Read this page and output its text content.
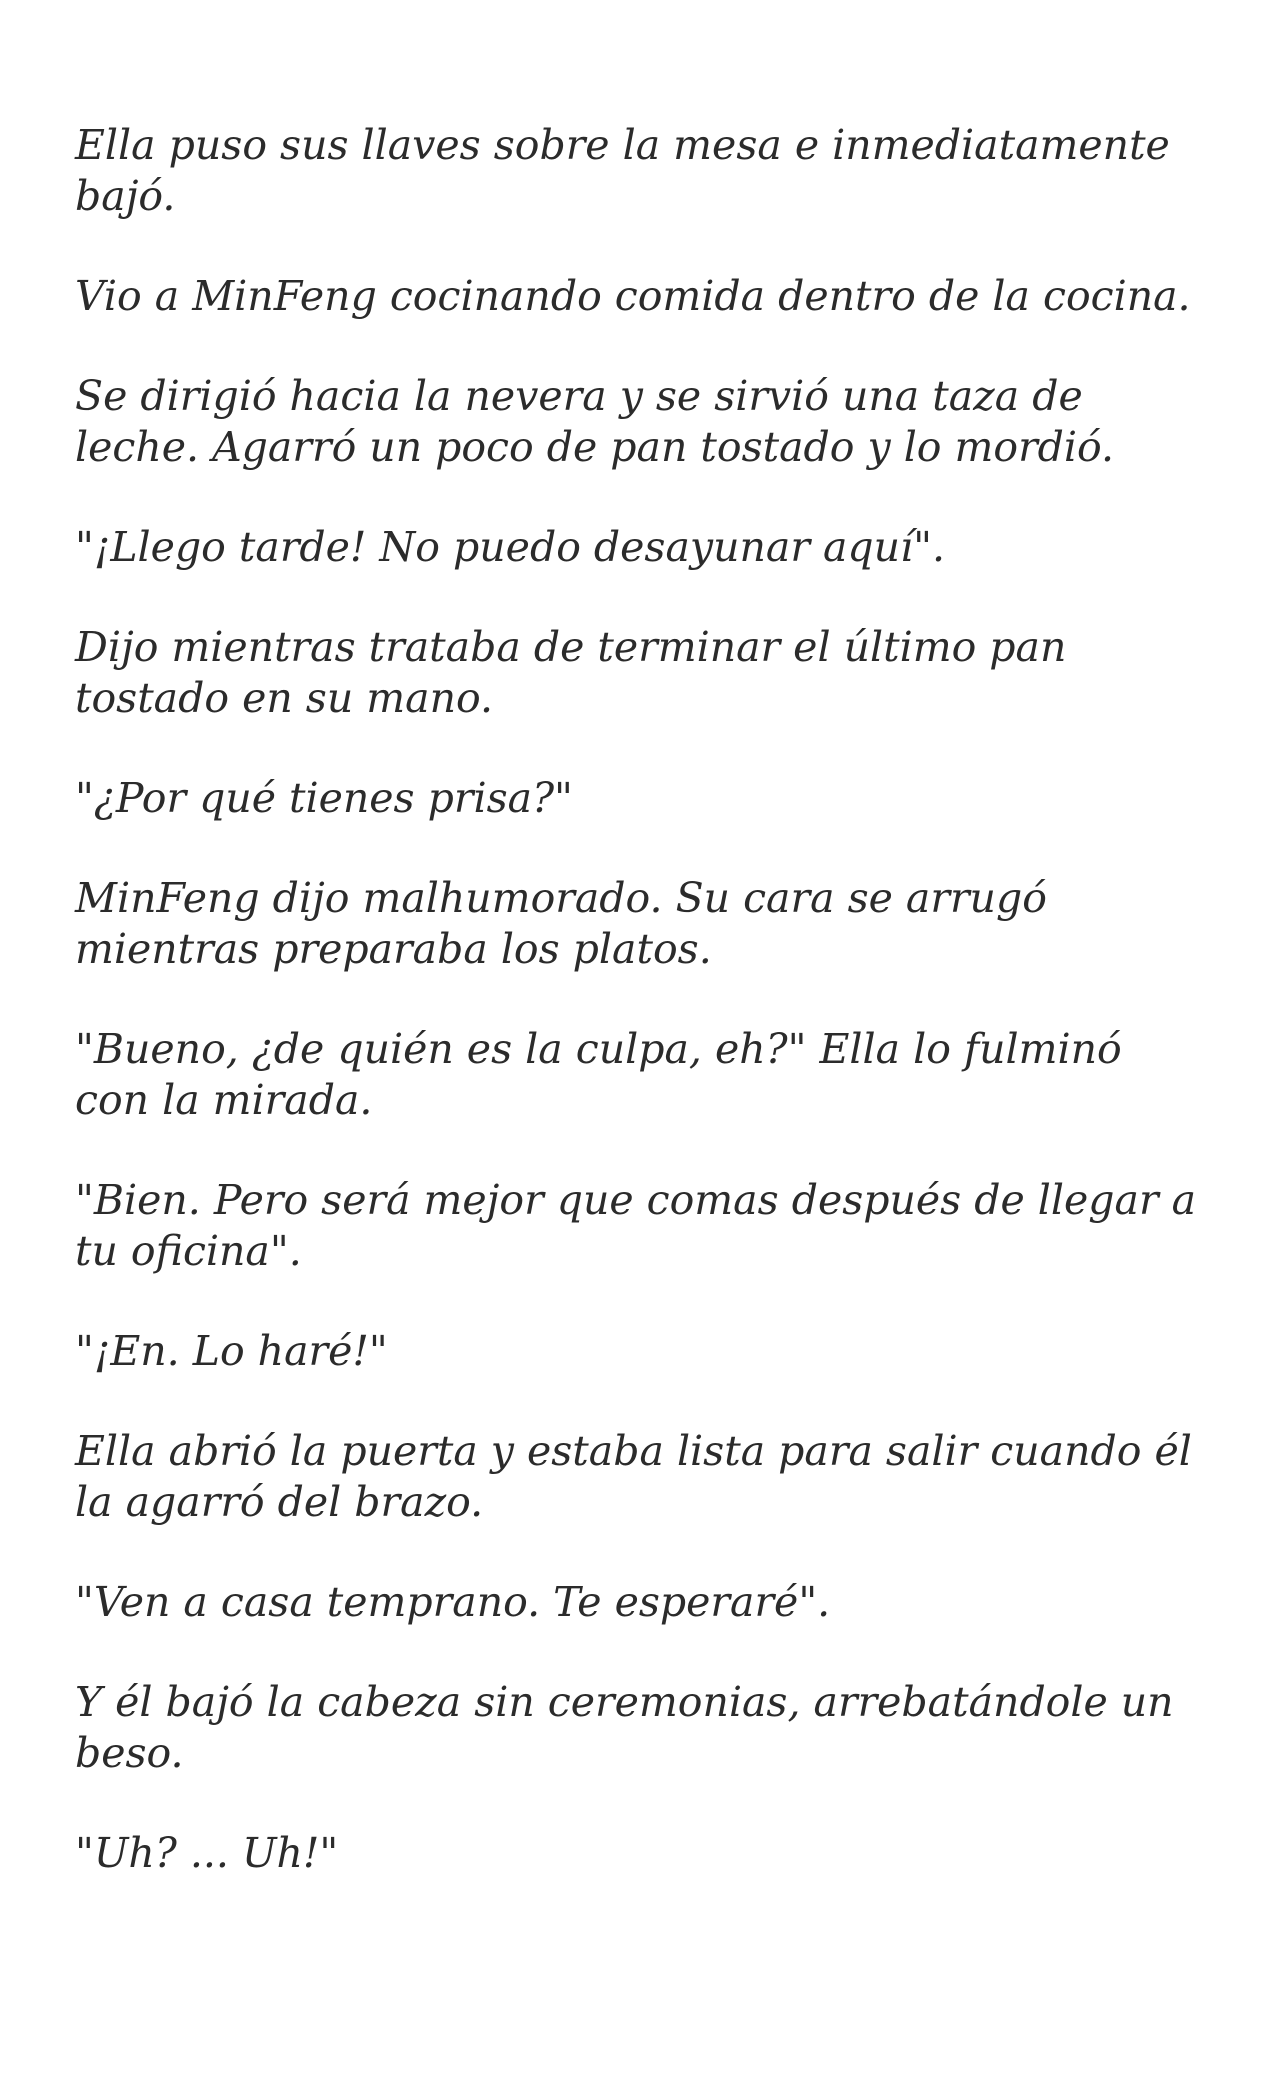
Ella puso sus llaves sobre la mesa e inmediatamente bajó.

Vio a MinFeng cocinando comida dentro de la cocina.

Se dirigió hacia la nevera y se sirvió una taza de leche. Agarró un poco de pan tostado y lo mordió.

"¡Llego tarde! No puedo desayunar aquí".

Dijo mientras trataba de terminar el último pan tostado en su mano.

"¿Por qué tienes prisa?"

MinFeng dijo malhumorado. Su cara se arrugó mientras preparaba los platos.

"Bueno, ¿de quién es la culpa, eh?" Ella lo fulminó con la mirada.

"Bien. Pero será mejor que comas después de llegar a tu oficina".

"¡En. Lo haré!"

Ella abrió la puerta y estaba lista para salir cuando él la agarró del brazo.

"Ven a casa temprano. Te esperaré".

Y él bajó la cabeza sin ceremonias, arrebatándole un beso.

"Uh? ... Uh!"
